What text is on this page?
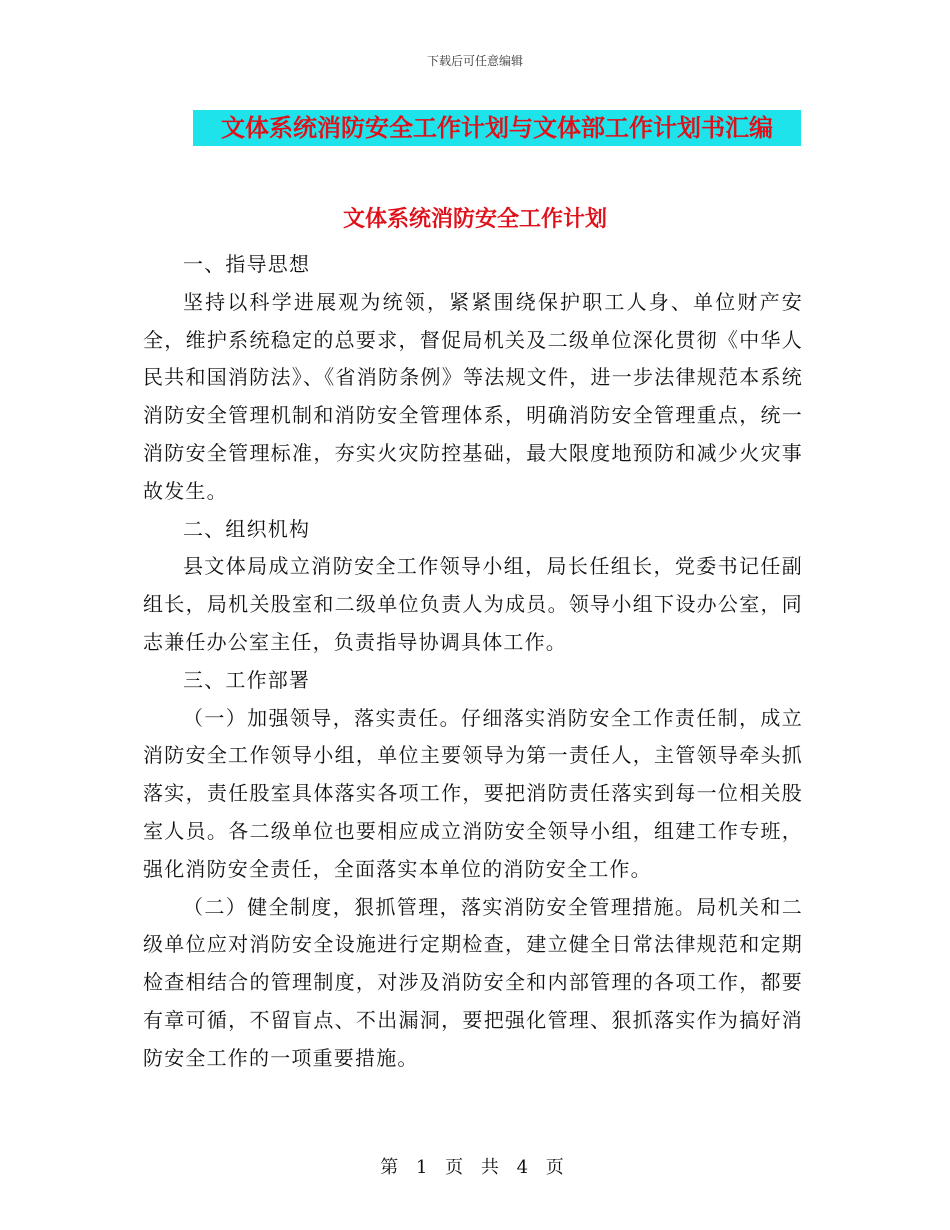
下载后可任意编辑
文体系统消防安全工作计划与文体部工作计划书汇编
文体系统消防安全工作计划

一、指导思想

坚持以科学进展观为统领，紧紧围绕保护职工人身、单位财产安全，维护系统稳定的总要求，督促局机关及二级单位深化贯彻《中华人民共和国消防法》、《省消防条例》等法规文件，进一步法律规范本系统消防安全管理机制和消防安全管理体系，明确消防安全管理重点，统一消防安全管理标准，夯实火灾防控基础，最大限度地预防和减少火灾事故发生。

二、组织机构

县文体局成立消防安全工作领导小组，局长任组长，党委书记任副组长，局机关股室和二级单位负责人为成员。领导小组下设办公室，同志兼任办公室主任，负责指导协调具体工作。

三、工作部署

（一）加强领导，落实责任。仔细落实消防安全工作责任制，成立消防安全工作领导小组，单位主要领导为第一责任人，主管领导牵头抓落实，责任股室具体落实各项工作，要把消防责任落实到每一位相关股室人员。各二级单位也要相应成立消防安全领导小组，组建工作专班，强化消防安全责任，全面落实本单位的消防安全工作。

（二）健全制度，狠抓管理，落实消防安全管理措施。局机关和二级单位应对消防安全设施进行定期检查，建立健全日常法律规范和定期检查相结合的管理制度，对涉及消防安全和内部管理的各项工作，都要有章可循，不留盲点、不出漏洞，要把强化管理、狠抓落实作为搞好消防安全工作的一项重要措施。

第 1 页 共 4 页
